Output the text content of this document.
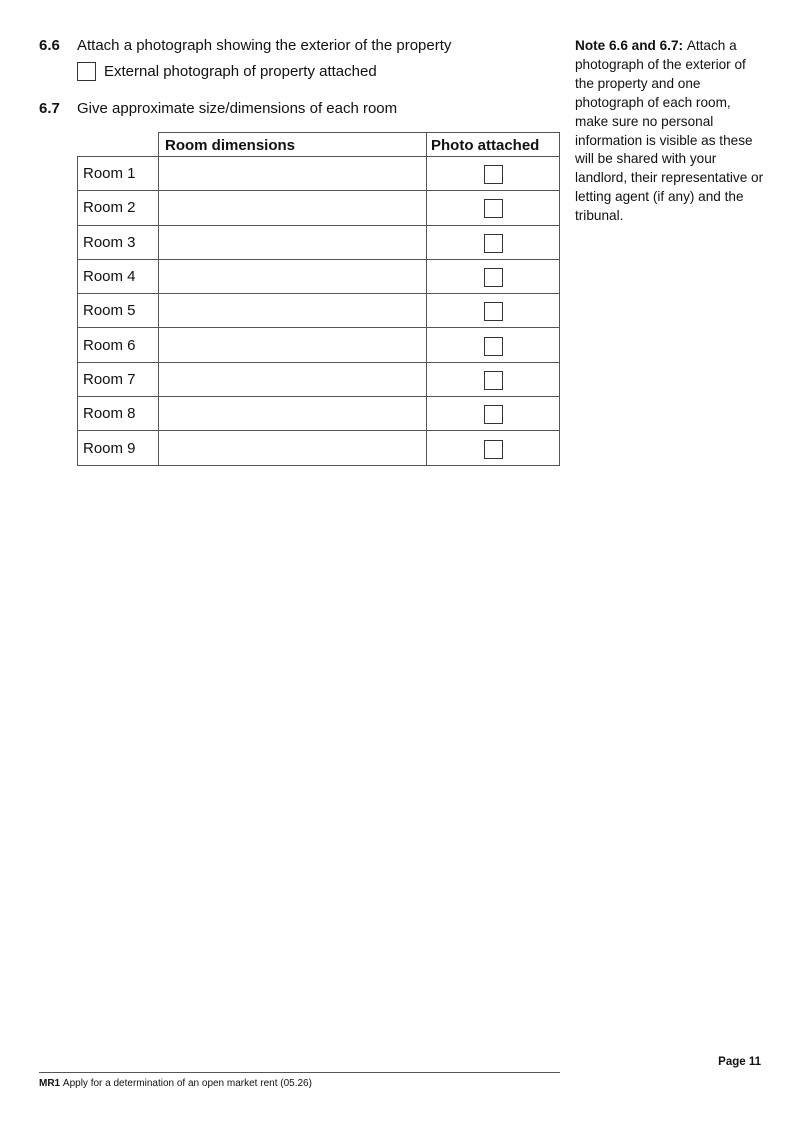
6.6	Attach a photograph showing the exterior of the property
External photograph of property attached
6.7	Give approximate size/dimensions of each room
	Room dimensions	Photo attached
Room 1		
Room 2		
Room 3		
Room 4		
Room 5		
Room 6		
Room 7		
Room 8		
Room 9		
Note 6.6 and 6.7: Attach a photograph of the exterior of the property and one photograph of each room, make sure no personal information is visible as these will be shared with your landlord, their representative or letting agent (if any) and the tribunal.
Page 11
MR1 Apply for a determination of an open market rent (05.26)
